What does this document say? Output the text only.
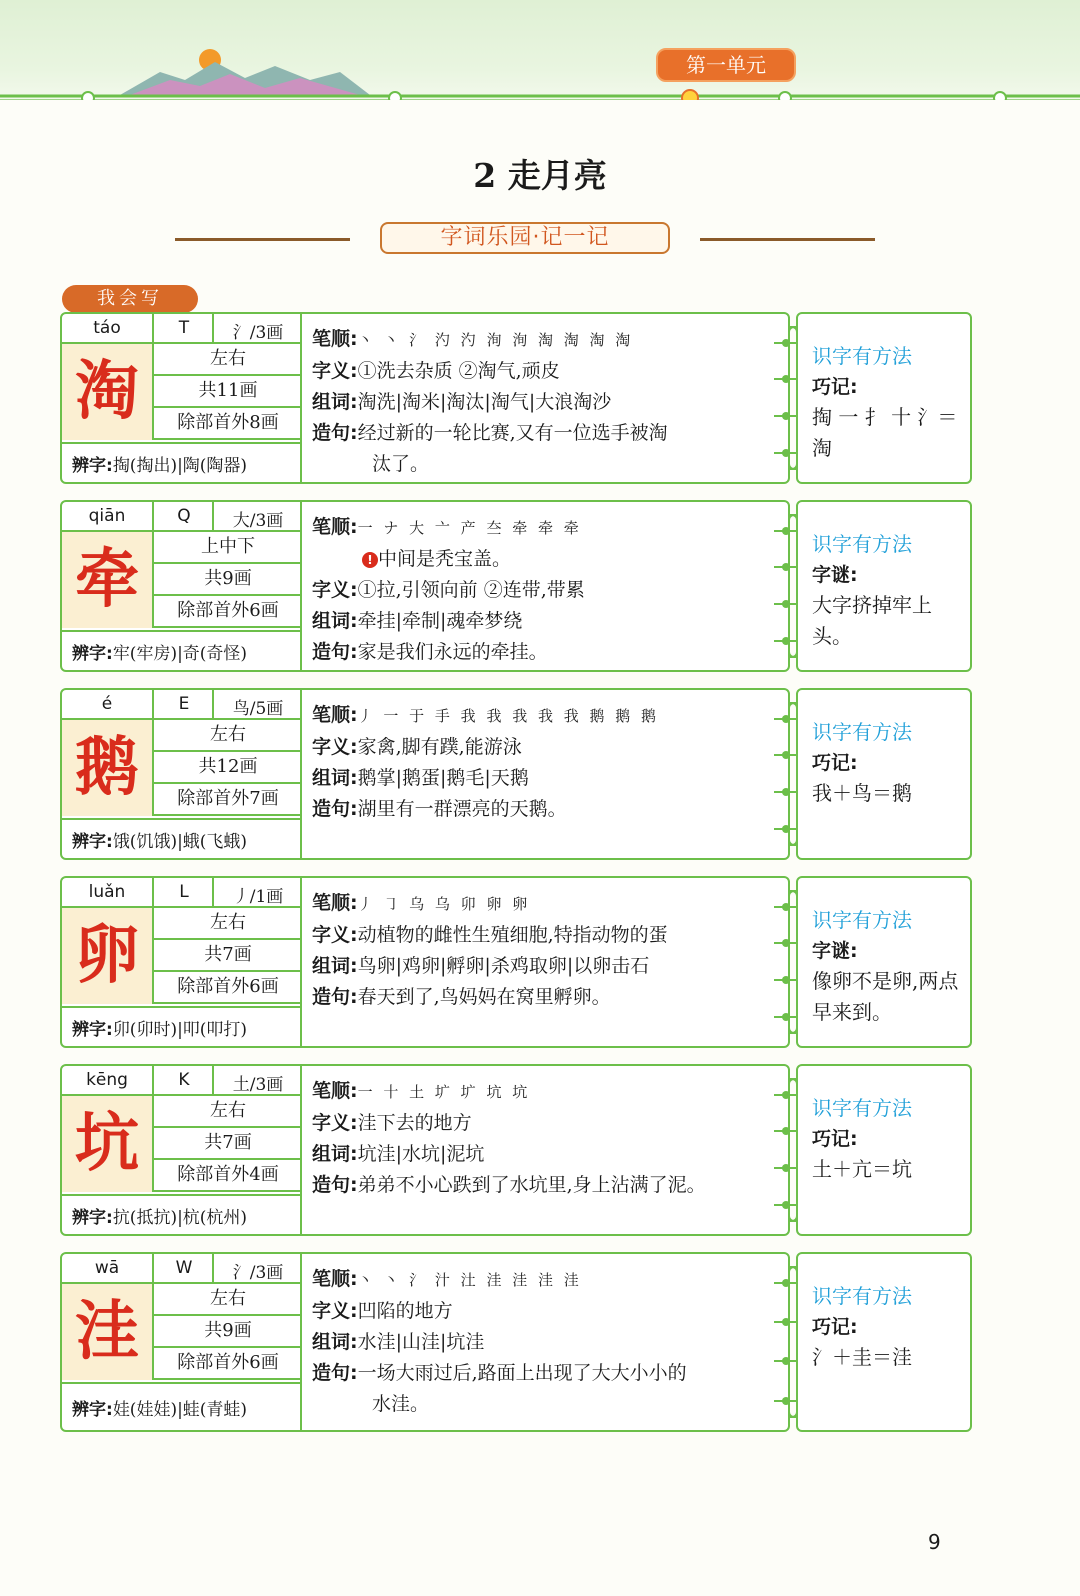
第一单元
2 走月亮
字词乐园·记一记
我会写
táo	T	氵/3画
淘	左右
共11画
除部首外8画
辨字: 掏(掏出)|陶(陶器)
笔顺:丶 丶 氵 汋 汋 洵 洵 淘 淘 淘 淘
字义:①洗去杂质 ②淘气,顽皮
组词:淘洗|淘米|淘汰|淘气|大浪淘沙
造句:经过新的一轮比赛,又有一位选手被淘
汰了。
识字有方法
巧记:
掏 一 扌 十 氵＝淘
qiān	Q	大/3画
牵	上中下
共9画
除部首外6画
辨字: 牢(牢房)|奇(奇怪)
笔顺:一 ナ 大 亠 产 夳 牵 牵 牵
! 中间是秃宝盖。
字义:①拉,引领向前 ②连带,带累
组词:牵挂|牵制|魂牵梦绕
造句:家是我们永远的牵挂。
识字有方法
字谜:
大字挤掉牢上头。
é	E	鸟/5画
鹅	左右
共12画
除部首外7画
辨字: 饿(饥饿)|蛾(飞蛾)
笔顺:丿 一 于 手 我 我 我 我 我 鹅 鹅 鹅
字义:家禽,脚有蹼,能游泳
组词:鹅掌|鹅蛋|鹅毛|天鹅
造句:湖里有一群漂亮的天鹅。
识字有方法
巧记:
我＋鸟＝鹅
luǎn	L	丿/1画
卵	左右
共7画
除部首外6画
辨字: 卯(卯时)|叩(叩打)
笔顺:丿 ㇆ 乌 乌 卯 卵 卵
字义:动植物的雌性生殖细胞,特指动物的蛋
组词:鸟卵|鸡卵|孵卵|杀鸡取卵|以卵击石
造句:春天到了,鸟妈妈在窝里孵卵。
识字有方法
字谜:
像卵不是卵,两点早来到。
kēng	K	土/3画
坑	左右
共7画
除部首外4画
辨字: 抗(抵抗)|杭(杭州)
笔顺:一 十 土 圹 圹 坑 坑
字义:洼下去的地方
组词:坑洼|水坑|泥坑
造句:弟弟不小心跌到了水坑里,身上沾满了泥。
识字有方法
巧记:
土＋亢＝坑
wā	W	氵/3画
洼	左右
共9画
除部首外6画
辨字: 娃(娃娃)|蛙(青蛙)
笔顺:丶 丶 氵 汁 汢 洼 洼 洼 洼
字义:凹陷的地方
组词:水洼|山洼|坑洼
造句:一场大雨过后,路面上出现了大大小小的
水洼。
识字有方法
巧记:
氵＋圭＝洼
9
